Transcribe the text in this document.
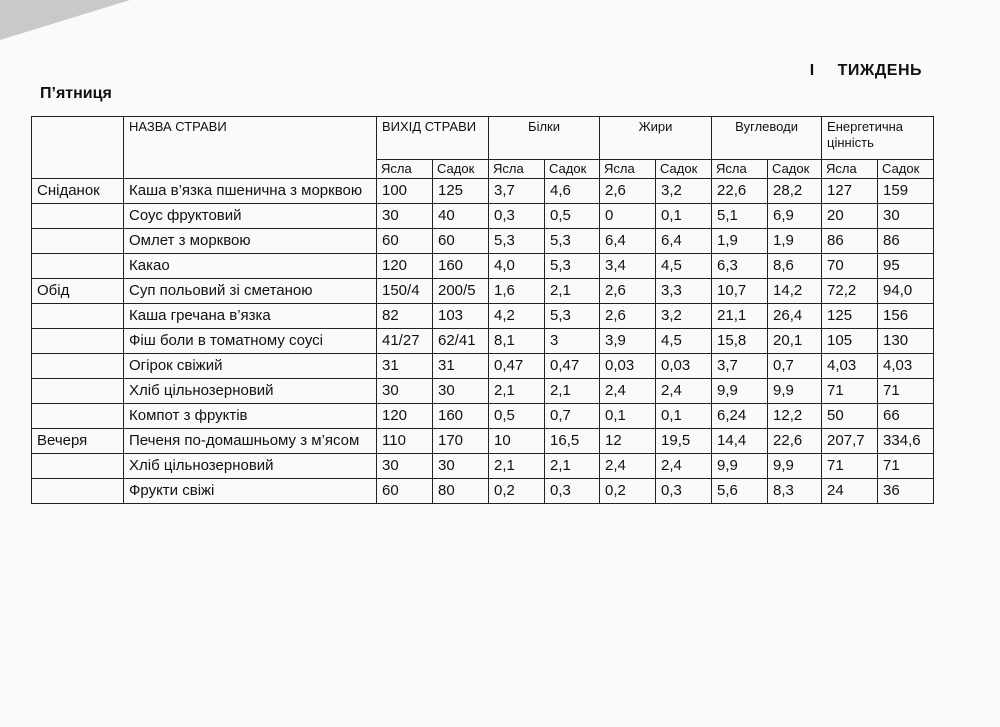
I ТИЖДЕНЬ
П’ятниця
	НАЗВА СТРАВИ	ВИХІД СТРАВИ		Білки		Жири		Вуглеводи		Енергетична цінність	
		Ясла	Садок	Ясла	Садок	Ясла	Садок	Ясла	Садок	Ясла	Садок
Сніданок	Каша в’язка пшенична з морквою	100	125	3,7	4,6	2,6	3,2	22,6	28,2	127	159
	Соус фруктовий	30	40	0,3	0,5	0	0,1	5,1	6,9	20	30
	Омлет з морквою	60	60	5,3	5,3	6,4	6,4	1,9	1,9	86	86
	Какао	120	160	4,0	5,3	3,4	4,5	6,3	8,6	70	95
Обід	Суп польовий зі сметаною	150/4	200/5	1,6	2,1	2,6	3,3	10,7	14,2	72,2	94,0
	Каша гречана в’язка	82	103	4,2	5,3	2,6	3,2	21,1	26,4	125	156
	Фіш боли в томатному соусі	41/27	62/41	8,1	3	3,9	4,5	15,8	20,1	105	130
	Огірок свіжий	31	31	0,47	0,47	0,03	0,03	3,7	0,7	4,03	4,03
	Хліб цільнозерновий	30	30	2,1	2,1	2,4	2,4	9,9	9,9	71	71
	Компот з фруктів	120	160	0,5	0,7	0,1	0,1	6,24	12,2	50	66
Вечеря	Печеня по-домашньому з м’ясом	110	170	10	16,5	12	19,5	14,4	22,6	207,7	334,6
	Хліб цільнозерновий	30	30	2,1	2,1	2,4	2,4	9,9	9,9	71	71
	Фрукти свіжі	60	80	0,2	0,3	0,2	0,3	5,6	8,3	24	36
